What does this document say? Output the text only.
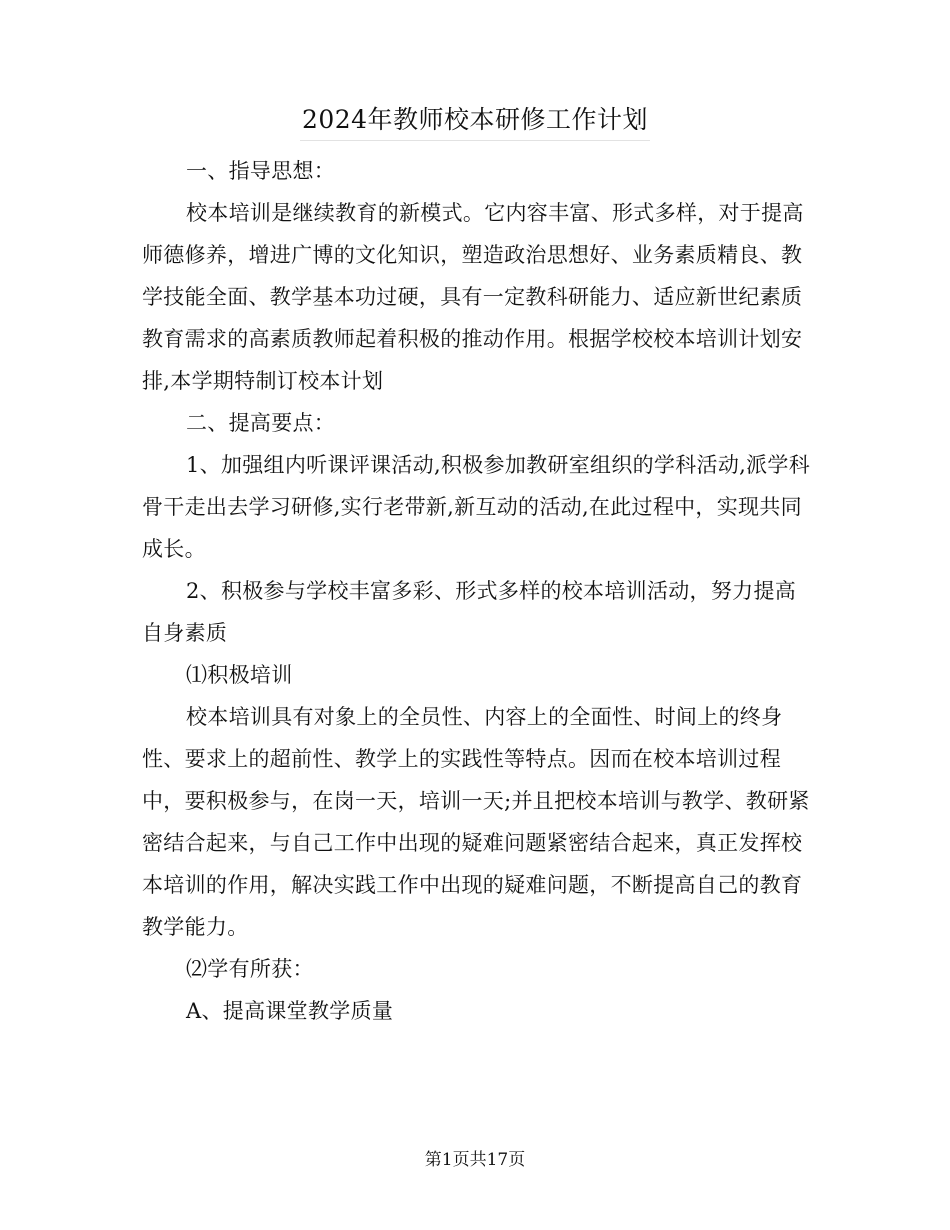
2024年教师校本研修工作计划

一、指导思想：

校本培训是继续教育的新模式。它内容丰富、形式多样，对于提高师德修养，增进广博的文化知识，塑造政治思想好、业务素质精良、教学技能全面、教学基本功过硬，具有一定教科研能力、适应新世纪素质教育需求的高素质教师起着积极的推动作用。根据学校校本培训计划安排,本学期特制订校本计划

二、提高要点：

1、加强组内听课评课活动,积极参加教研室组织的学科活动,派学科骨干走出去学习研修,实行老带新,新互动的活动,在此过程中，实现共同成长。

2、积极参与学校丰富多彩、形式多样的校本培训活动，努力提高自身素质

⑴积极培训

校本培训具有对象上的全员性、内容上的全面性、时间上的终身性、要求上的超前性、教学上的实践性等特点。因而在校本培训过程中，要积极参与，在岗一天，培训一天;并且把校本培训与教学、教研紧密结合起来，与自己工作中出现的疑难问题紧密结合起来，真正发挥校本培训的作用，解决实践工作中出现的疑难问题，不断提高自己的教育教学能力。

⑵学有所获：

A、提高课堂教学质量

第1页共17页
